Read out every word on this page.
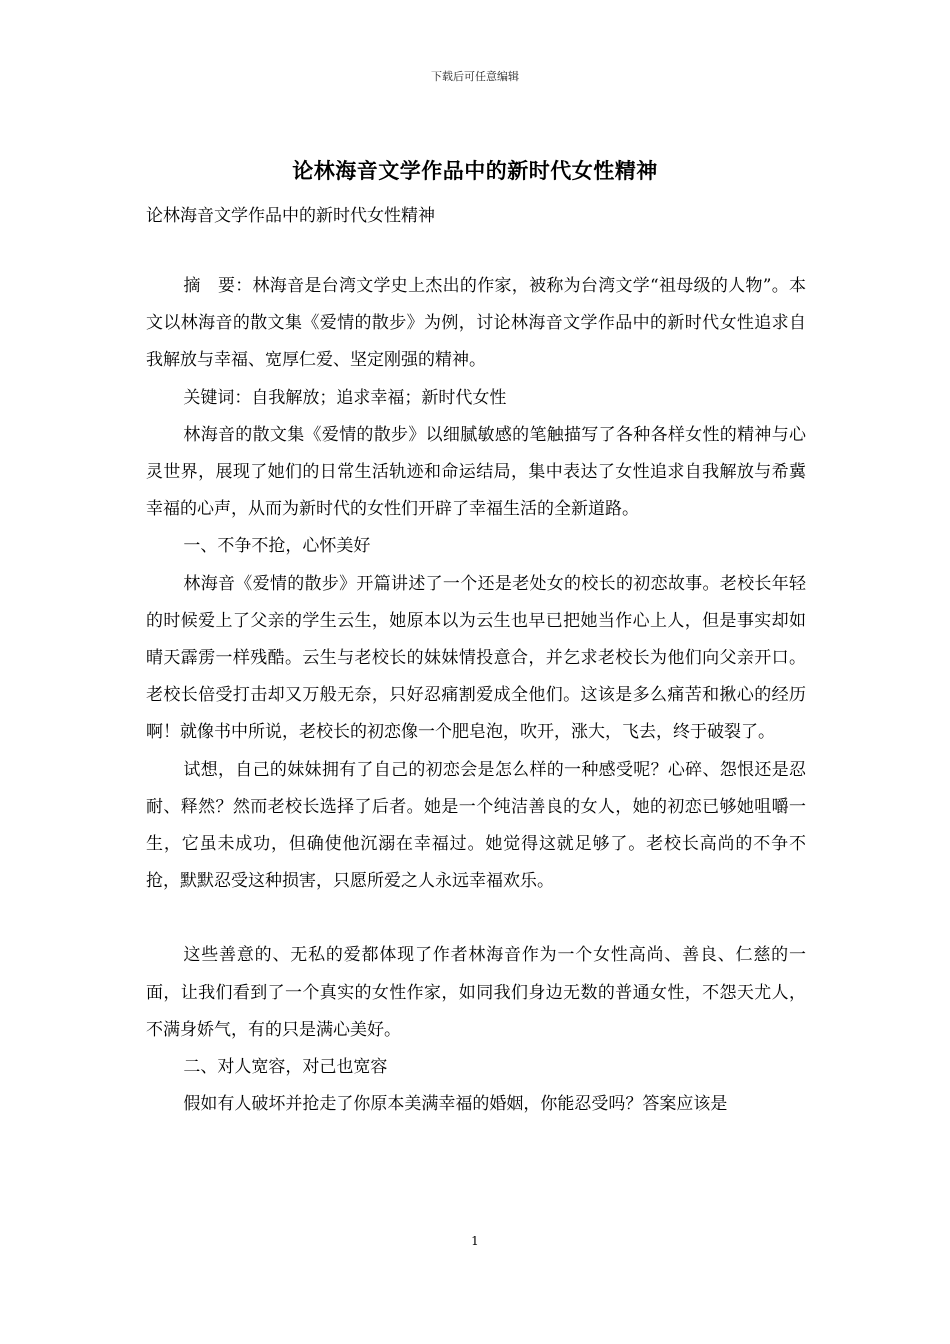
下载后可任意编辑
论林海音文学作品中的新时代女性精神
论林海音文学作品中的新时代女性精神

摘　要：林海音是台湾文学史上杰出的作家，被称为台湾文学“祖母级的人物”。本文以林海音的散文集《爱情的散步》为例，讨论林海音文学作品中的新时代女性追求自我解放与幸福、宽厚仁爱、坚定刚强的精神。

关键词：自我解放；追求幸福；新时代女性

林海音的散文集《爱情的散步》以细腻敏感的笔触描写了各种各样女性的精神与心灵世界，展现了她们的日常生活轨迹和命运结局，集中表达了女性追求自我解放与希冀幸福的心声，从而为新时代的女性们开辟了幸福生活的全新道路。

一、不争不抢，心怀美好

林海音《爱情的散步》开篇讲述了一个还是老处女的校长的初恋故事。老校长年轻的时候爱上了父亲的学生云生，她原本以为云生也早已把她当作心上人，但是事实却如晴天霹雳一样残酷。云生与老校长的妹妹情投意合，并乞求老校长为他们向父亲开口。老校长倍受打击却又万般无奈，只好忍痛割爱成全他们。这该是多么痛苦和揪心的经历啊！就像书中所说，老校长的初恋像一个肥皂泡，吹开，涨大，飞去，终于破裂了。

试想，自己的妹妹拥有了自己的初恋会是怎么样的一种感受呢？心碎、怨恨还是忍耐、释然？然而老校长选择了后者。她是一个纯洁善良的女人，她的初恋已够她咀嚼一生，它虽未成功，但确使他沉溺在幸福过。她觉得这就足够了。老校长高尚的不争不抢，默默忍受这种损害，只愿所爱之人永远幸福欢乐。

这些善意的、无私的爱都体现了作者林海音作为一个女性高尚、善良、仁慈的一面，让我们看到了一个真实的女性作家，如同我们身边无数的普通女性，不怨天尤人，不满身娇气，有的只是满心美好。

二、对人宽容，对己也宽容

假如有人破坏并抢走了你原本美满幸福的婚姻，你能忍受吗？答案应该是

1
